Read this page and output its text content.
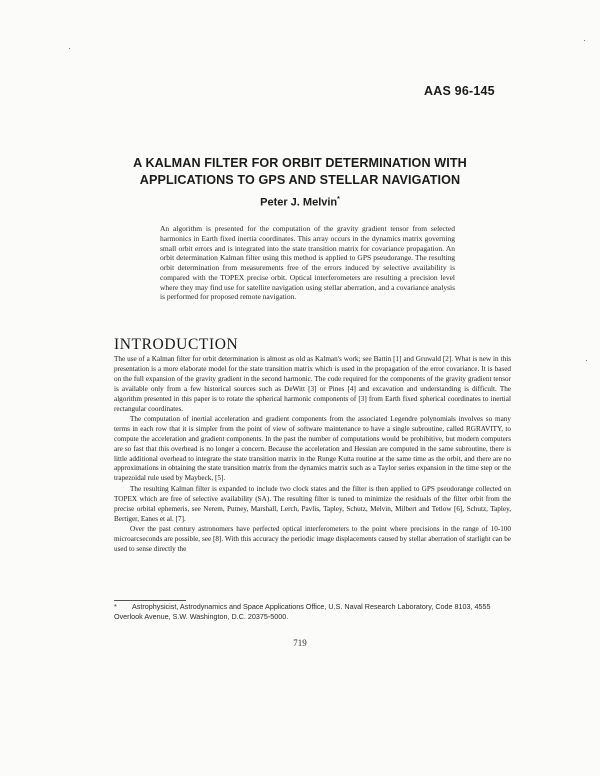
AAS 96-145
A KALMAN FILTER FOR ORBIT DETERMINATION WITH
APPLICATIONS TO GPS AND STELLAR NAVIGATION
Peter J. Melvin*
An algorithm is presented for the computation of the gravity gradient tensor from selected harmonics in Earth fixed inertia coordinates. This array occurs in the dynamics matrix governing small orbit errors and is integrated into the state transition matrix for covariance propagation. An orbit determination Kalman filter using this method is applied to GPS pseudorange. The resulting orbit determination from measurements free of the errors induced by selective availability is compared with the TOPEX precise orbit. Optical interferometers are resulting a precision level where they may find use for satellite navigation using stellar aberration, and a covariance analysis is performed for proposed remote navigation.
INTRODUCTION

The use of a Kalman filter for orbit determination is almost as old as Kalman's work; see Battin [1] and Gruwald [2]. What is new in this presentation is a more elaborate model for the state transition matrix which is used in the propagation of the error covariance. It is based on the full expansion of the gravity gradient in the second harmonic. The code required for the components of the gravity gradient tensor is available only from a few historical sources such as DeWitt [3] or Pines [4] and excavation and understanding is difficult. The algorithm presented in this paper is to rotate the spherical harmonic components of [3] from Earth fixed spherical coordinates to inertial rectangular coordinates.

The computation of inertial acceleration and gradient components from the associated Legendre polynomials involves so many terms in each row that it is simpler from the point of view of software maintenance to have a single subroutine, called RGRAVITY, to compute the acceleration and gradient components. In the past the number of computations would be prohibitive, but modern computers are so fast that this overhead is no longer a concern. Because the acceleration and Hessian are computed in the same subroutine, there is little additional overhead to integrate the state transition matrix in the Runge Kutta routine at the same time as the orbit, and there are no approximations in obtaining the state transition matrix from the dynamics matrix such as a Taylor series expansion in the time step or the trapezoidal rule used by Maybeck, [5].

The resulting Kalman filter is expanded to include two clock states and the filter is then applied to GPS pseudorange collected on TOPEX which are free of selective availability (SA). The resulting filter is tuned to minimize the residuals of the filter orbit from the precise orbital ephemeris, see Nerem, Putney, Marshall, Lerch, Pavlis, Tapley, Schutz, Melvin, Milbert and Tetlow [6], Schutz, Tapley, Bertiger, Eanes et al. [7].

Over the past century astronomers have perfected optical interferometers to the point where precisions in the range of 10-100 microarcseconds are possible, see [8]. With this accuracy the periodic image displacements caused by stellar aberration of starlight can be used to sense directly the

* Astrophysicist, Astrodynamics and Space Applications Office, U.S. Naval Research Laboratory, Code 8103, 4555 Overlook Avenue, S.W. Washington, D.C. 20375-5000.
719
